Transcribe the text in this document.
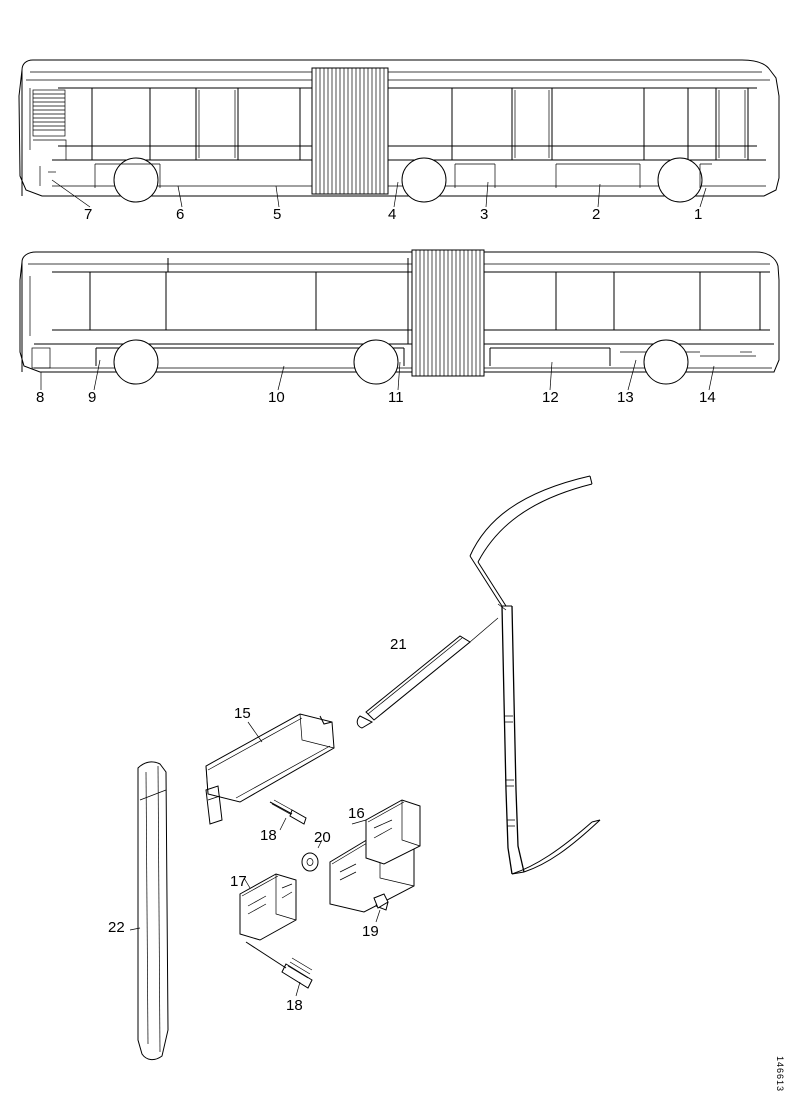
7	6	5	4	3	2	1
8	9	10	11	12	13	14
21
15
18 20
16
17
19
22
18
146613
